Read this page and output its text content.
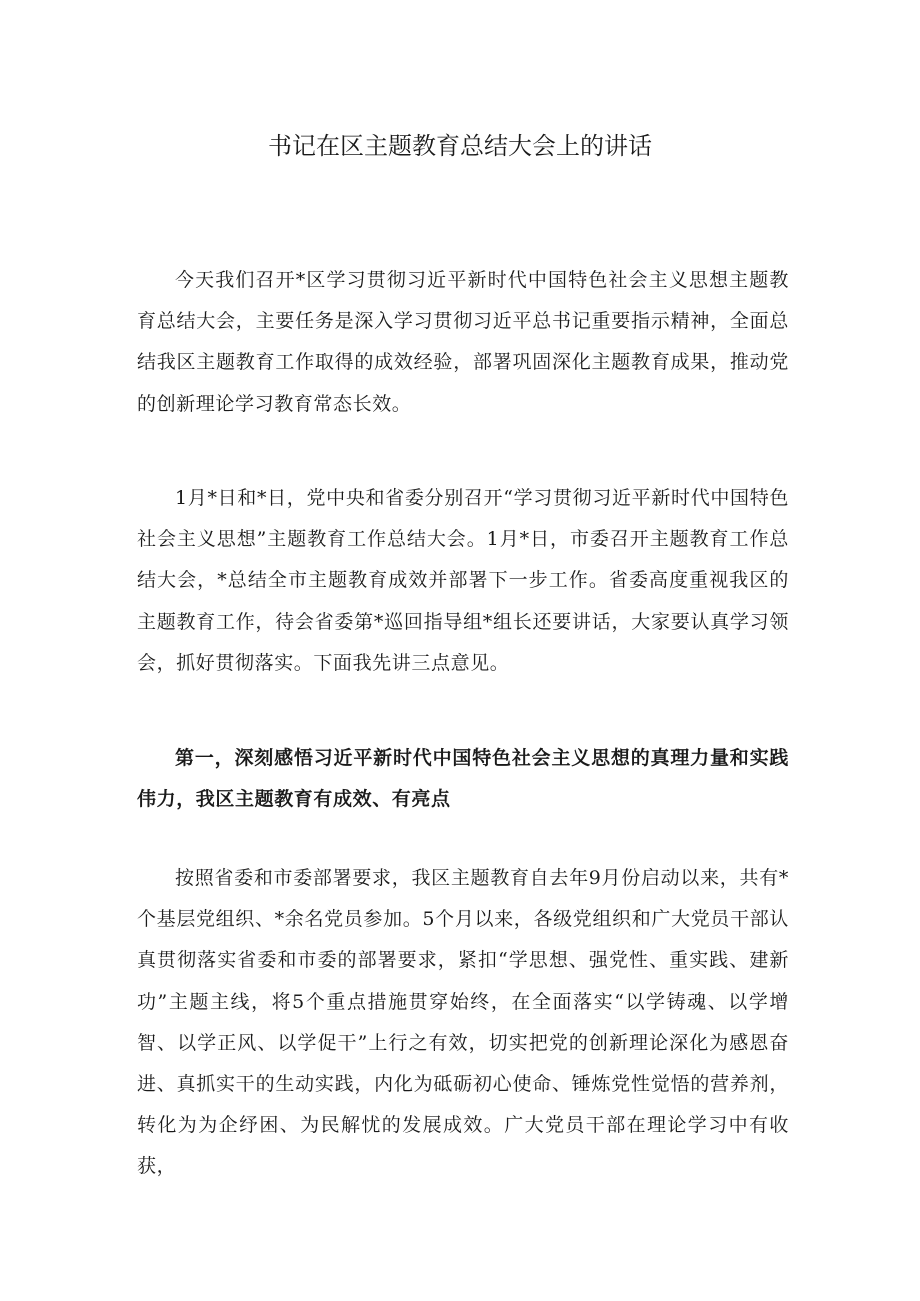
书记在区主题教育总结大会上的讲话

今天我们召开*区学习贯彻习近平新时代中国特色社会主义思想主题教育总结大会，主要任务是深入学习贯彻习近平总书记重要指示精神，全面总结我区主题教育工作取得的成效经验，部署巩固深化主题教育成果，推动党的创新理论学习教育常态长效。

1月*日和*日，党中央和省委分别召开“学习贯彻习近平新时代中国特色社会主义思想”主题教育工作总结大会。1月*日，市委召开主题教育工作总结大会，*总结全市主题教育成效并部署下一步工作。省委高度重视我区的主题教育工作，待会省委第*巡回指导组*组长还要讲话，大家要认真学习领会，抓好贯彻落实。下面我先讲三点意见。

第一，深刻感悟习近平新时代中国特色社会主义思想的真理力量和实践伟力，我区主题教育有成效、有亮点

按照省委和市委部署要求，我区主题教育自去年9月份启动以来，共有*个基层党组织、*余名党员参加。5个月以来，各级党组织和广大党员干部认真贯彻落实省委和市委的部署要求，紧扣“学思想、强党性、重实践、建新功”主题主线，将5个重点措施贯穿始终，在全面落实“以学铸魂、以学增智、以学正风、以学促干”上行之有效，切实把党的创新理论深化为感恩奋进、真抓实干的生动实践，内化为砥砺初心使命、锤炼党性觉悟的营养剂，转化为为企纾困、为民解忧的发展成效。广大党员干部在理论学习中有收获，
